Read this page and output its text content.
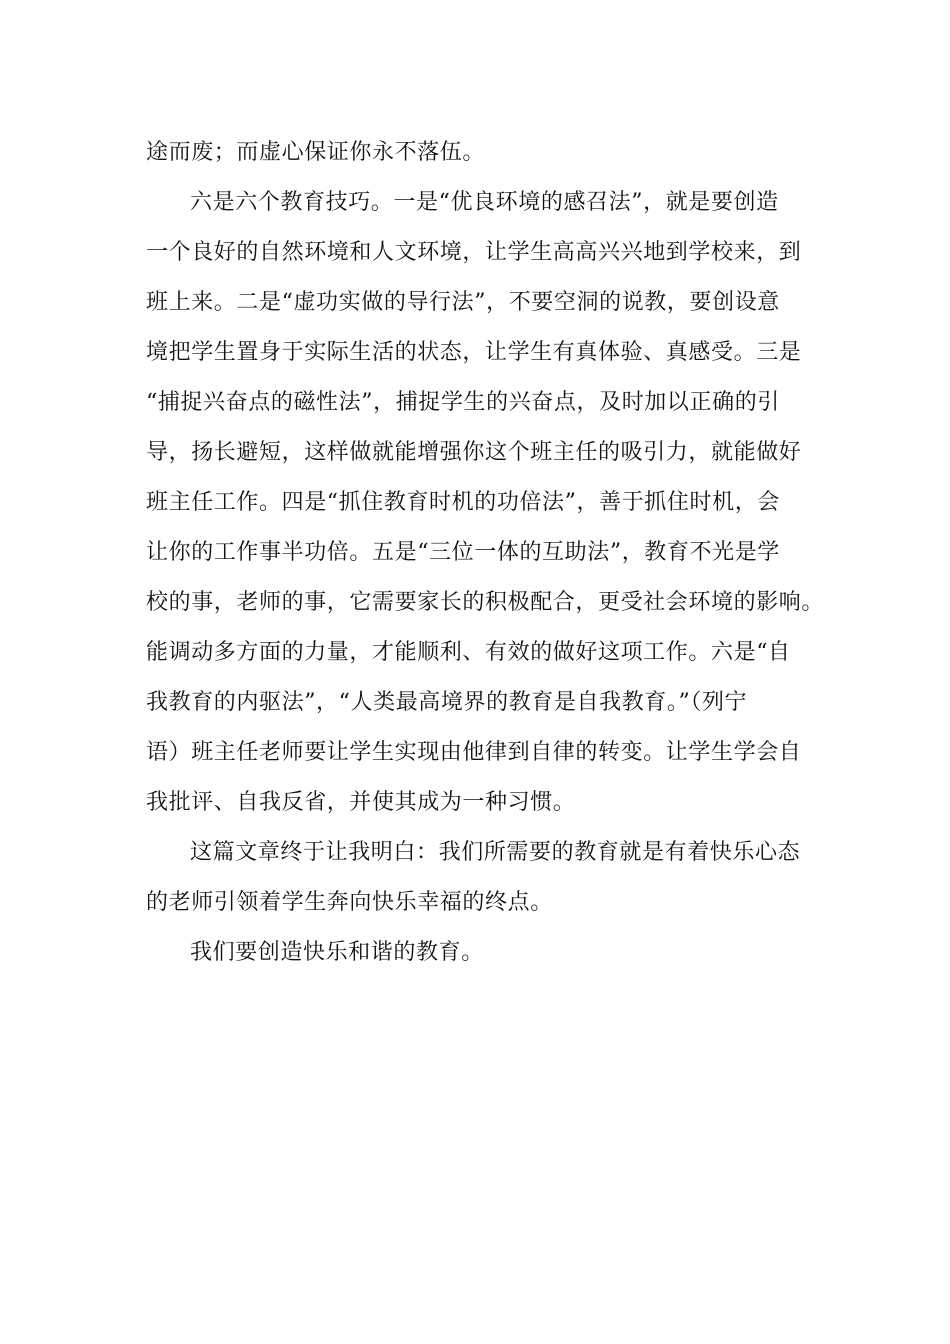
途而废；而虚心保证你永不落伍。
六是六个教育技巧。一是“优良环境的感召法”，就是要创造
一个良好的自然环境和人文环境，让学生高高兴兴地到学校来，到
班上来。二是“虚功实做的导行法”，不要空洞的说教，要创设意
境把学生置身于实际生活的状态，让学生有真体验、真感受。三是
“捕捉兴奋点的磁性法”，捕捉学生的兴奋点，及时加以正确的引
导，扬长避短，这样做就能增强你这个班主任的吸引力，就能做好
班主任工作。四是“抓住教育时机的功倍法”，善于抓住时机，会
让你的工作事半功倍。五是“三位一体的互助法”，教育不光是学
校的事，老师的事，它需要家长的积极配合，更受社会环境的影响。
能调动多方面的力量，才能顺利、有效的做好这项工作。六是“自
我教育的内驱法”，“人类最高境界的教育是自我教育。”（列宁
语）班主任老师要让学生实现由他律到自律的转变。让学生学会自
我批评、自我反省，并使其成为一种习惯。
这篇文章终于让我明白：我们所需要的教育就是有着快乐心态
的老师引领着学生奔向快乐幸福的终点。
我们要创造快乐和谐的教育。
